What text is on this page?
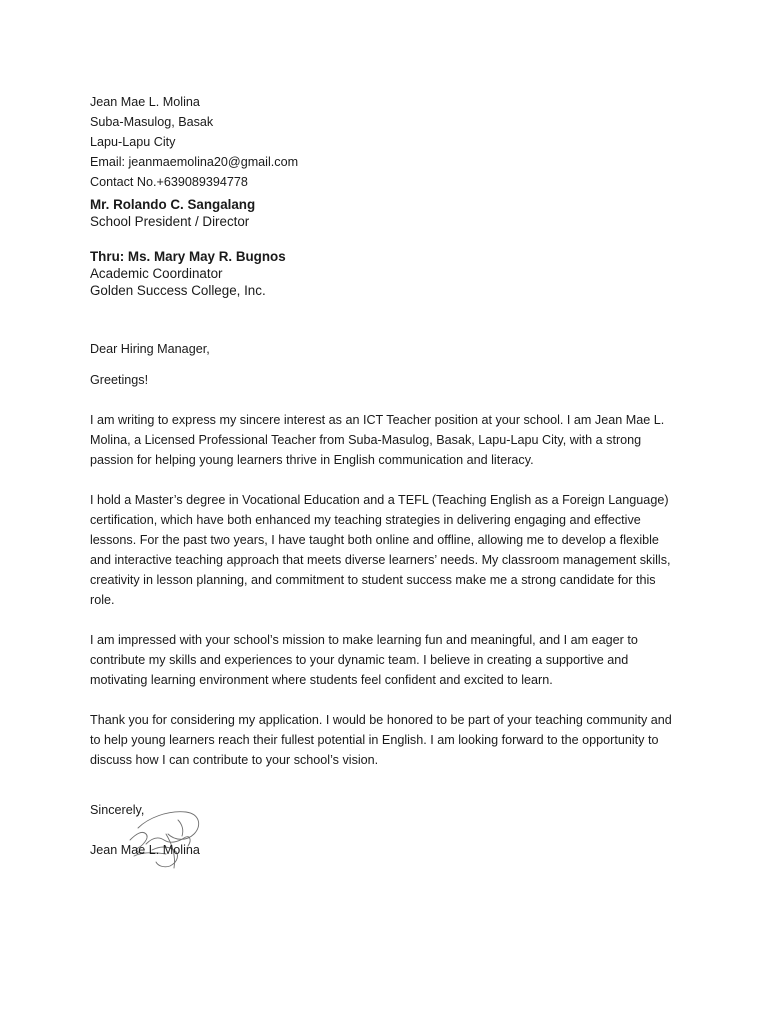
Jean Mae L. Molina
Suba-Masulog, Basak
Lapu-Lapu City
Email: jeanmaemolina20@gmail.com
Contact No.+639089394778
Mr. Rolando C. Sangalang
School President / Director
Thru: Ms. Mary May R. Bugnos
Academic Coordinator
Golden Success College, Inc.
Dear Hiring Manager,
Greetings!
I am writing to express my sincere interest as an ICT Teacher position at your school. I am Jean Mae L. Molina, a Licensed Professional Teacher from Suba-Masulog, Basak, Lapu-Lapu City, with a strong passion for helping young learners thrive in English communication and literacy.
I hold a Master’s degree in Vocational Education and a TEFL (Teaching English as a Foreign Language) certification, which have both enhanced my teaching strategies in delivering engaging and effective lessons. For the past two years, I have taught both online and offline, allowing me to develop a flexible and interactive teaching approach that meets diverse learners’ needs. My classroom management skills, creativity in lesson planning, and commitment to student success make me a strong candidate for this role.
I am impressed with your school’s mission to make learning fun and meaningful, and I am eager to contribute my skills and experiences to your dynamic team. I believe in creating a supportive and motivating learning environment where students feel confident and excited to learn.
Thank you for considering my application. I would be honored to be part of your teaching community and to help young learners reach their fullest potential in English. I am looking forward to the opportunity to discuss how I can contribute to your school’s vision.
Sincerely,
Jean Mae L. Molina
